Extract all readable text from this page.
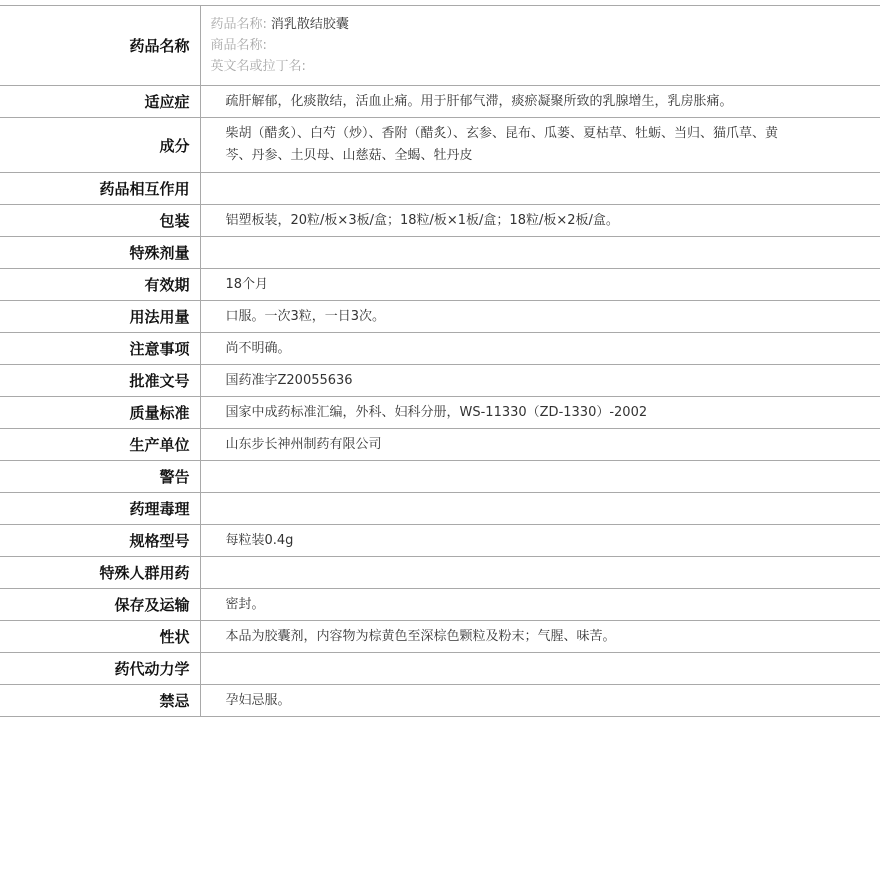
药品名称	药品名称: 消乳散结胶囊
商品名称:
英文名或拉丁名:

适应症	疏肝解郁，化痰散结，活血止痛。用于肝郁气滞，痰瘀凝聚所致的乳腺增生，乳房胀痛。
成分	柴胡（醋炙）、白芍（炒）、香附（醋炙）、玄参、昆布、瓜蒌、夏枯草、牡蛎、当归、猫爪草、黄芩、丹参、土贝母、山慈菇、全蝎、牡丹皮
药品相互作用	
包装	铝塑板装，20粒/板×3板/盒；18粒/板×1板/盒；18粒/板×2板/盒。
特殊剂量	
有效期	18个月
用法用量	口服。一次3粒，一日3次。
注意事项	尚不明确。
批准文号	国药准字Z20055636
质量标准	国家中成药标准汇编，外科、妇科分册，WS-11330（ZD-1330）-2002
生产单位	山东步长神州制药有限公司
警告	
药理毒理	
规格型号	每粒装0.4g
特殊人群用药	
保存及运输	密封。
性状	本品为胶囊剂，内容物为棕黄色至深棕色颗粒及粉末；气腥、味苦。
药代动力学	
禁忌	孕妇忌服。
